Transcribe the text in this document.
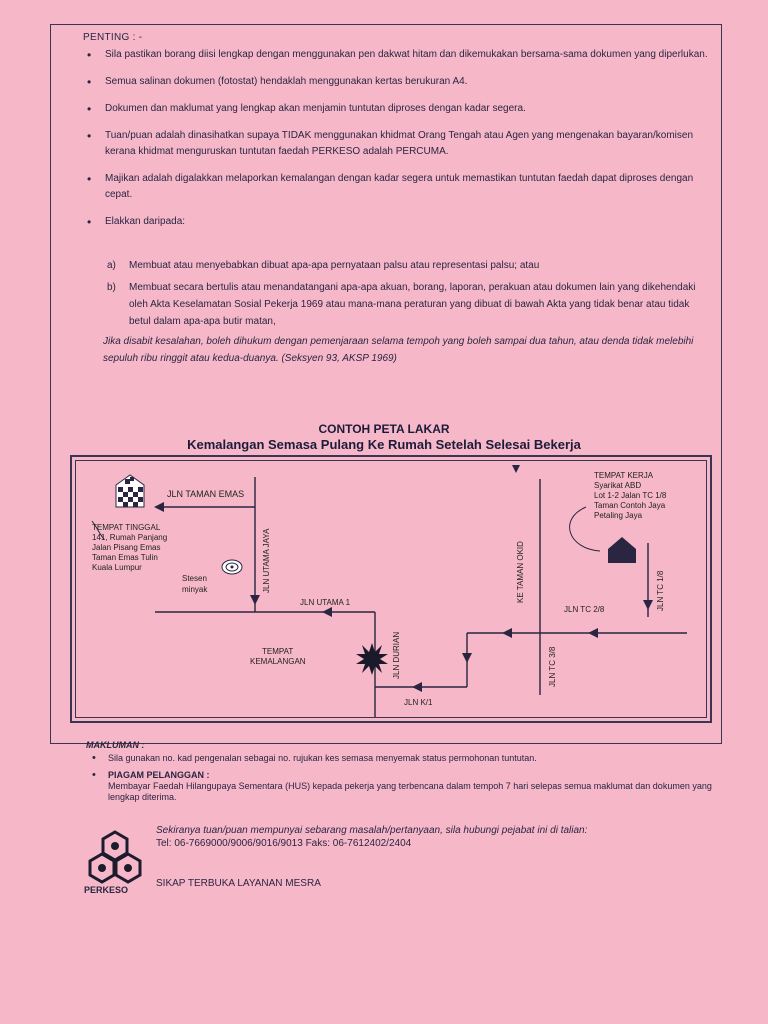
PENTING : -
• Sila pastikan borang diisi lengkap dengan menggunakan pen dakwat hitam dan dikemukakan bersama-sama dokumen yang diperlukan.
• Semua salinan dokumen (fotostat) hendaklah menggunakan kertas berukuran A4.
• Dokumen dan maklumat yang lengkap akan menjamin tuntutan diproses dengan kadar segera.
• Tuan/puan adalah dinasihatkan supaya TIDAK menggunakan khidmat Orang Tengah atau Agen yang mengenakan bayaran/komisen kerana khidmat menguruskan tuntutan faedah PERKESO adalah PERCUMA.
• Majikan adalah digalakkan melaporkan kemalangan dengan kadar segera untuk memastikan tuntutan faedah dapat diproses dengan cepat.
• Elakkan daripada:
a)	Membuat atau menyebabkan dibuat apa-apa pernyataan palsu atau representasi palsu; atau
b)	Membuat secara bertulis atau menandatangani apa-apa akuan, borang, laporan, perakuan atau dokumen lain yang dikehendaki oleh Akta Keselamatan Sosial Pekerja 1969 atau mana-mana peraturan yang dibuat di bawah Akta yang tidak benar atau tidak betul dalam apa-apa butir matan,
Jika disabit kesalahan, boleh dihukum dengan pemenjaraan selama tempoh yang boleh sampai dua tahun, atau denda tidak melebihi sepuluh ribu ringgit atau kedua-duanya. (Seksyen 93, AKSP 1969)
CONTOH PETA LAKAR
Kemalangan Semasa Pulang Ke Rumah Setelah Selesai Bekerja
JLN TAMAN EMAS
JLN UTAMA JAYA
JLN UTAMA 1
JLN DURIAN
JLN K/1
JLN TC 3/8
KE TAMAN OKID
JLN TC 2/8	JLN TC 1/8
Stesen
minyak
TEMPAT
KEMALANGAN
TEMPAT TINGGAL
141, Rumah Panjang
Jalan Pisang Emas
Taman Emas Tulin
Kuala Lumpur
TEMPAT KERJA
Syarikat ABD
Lot 1-2 Jalan TC 1/8
Taman Contoh Jaya
Petaling Jaya
MAKLUMAN :
• Sila gunakan no. kad pengenalan sebagai no. rujukan kes semasa menyemak status permohonan tuntutan.
• PIAGAM PELANGGAN :
Membayar Faedah Hilangupaya Sementara (HUS) kepada pekerja yang terbencana dalam tempoh 7 hari selepas semua maklumat dan dokumen yang lengkap diterima.
PERKESO
Sekiranya tuan/puan mempunyai sebarang masalah/pertanyaan, sila hubungi pejabat ini di talian:
Tel: 06-7669000/9006/9016/9013 Faks: 06-7612402/2404
SIKAP TERBUKA LAYANAN MESRA
